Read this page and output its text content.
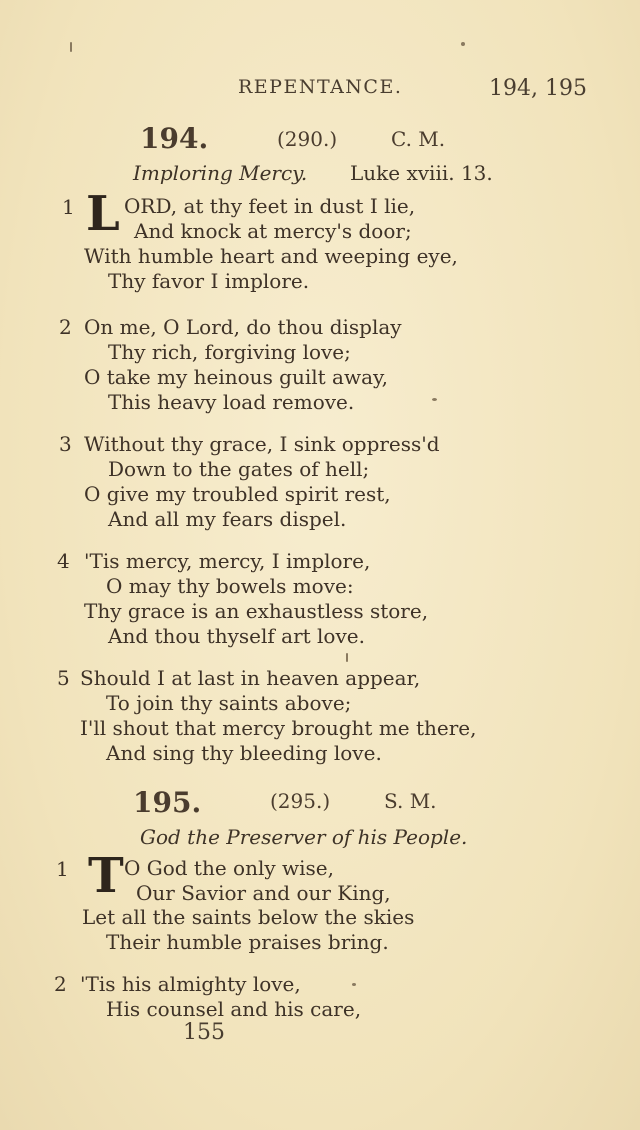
REPENTANCE.	194, 195
194.	(290.)	C. M.
Imploring Mercy. Luke xviii. 13.
1 L ORD, at thy feet in dust I lie,
And knock at mercy's door;
With humble heart and weeping eye,
Thy favor I implore.
2 On me, O Lord, do thou display
Thy rich, forgiving love;
O take my heinous guilt away,
This heavy load remove.
3 Without thy grace, I sink oppress'd
Down to the gates of hell;
O give my troubled spirit rest,
And all my fears dispel.
4 'Tis mercy, mercy, I implore,
O may thy bowels move:
Thy grace is an exhaustless store,
And thou thyself art love.
5 Should I at last in heaven appear,
To join thy saints above;
I'll shout that mercy brought me there,
And sing thy bleeding love.
195.	(295.)	S. M.
God the Preserver of his People.
1 T O God the only wise,
Our Savior and our King,
Let all the saints below the skies
Their humble praises bring.
2 'Tis his almighty love,
His counsel and his care,
155
